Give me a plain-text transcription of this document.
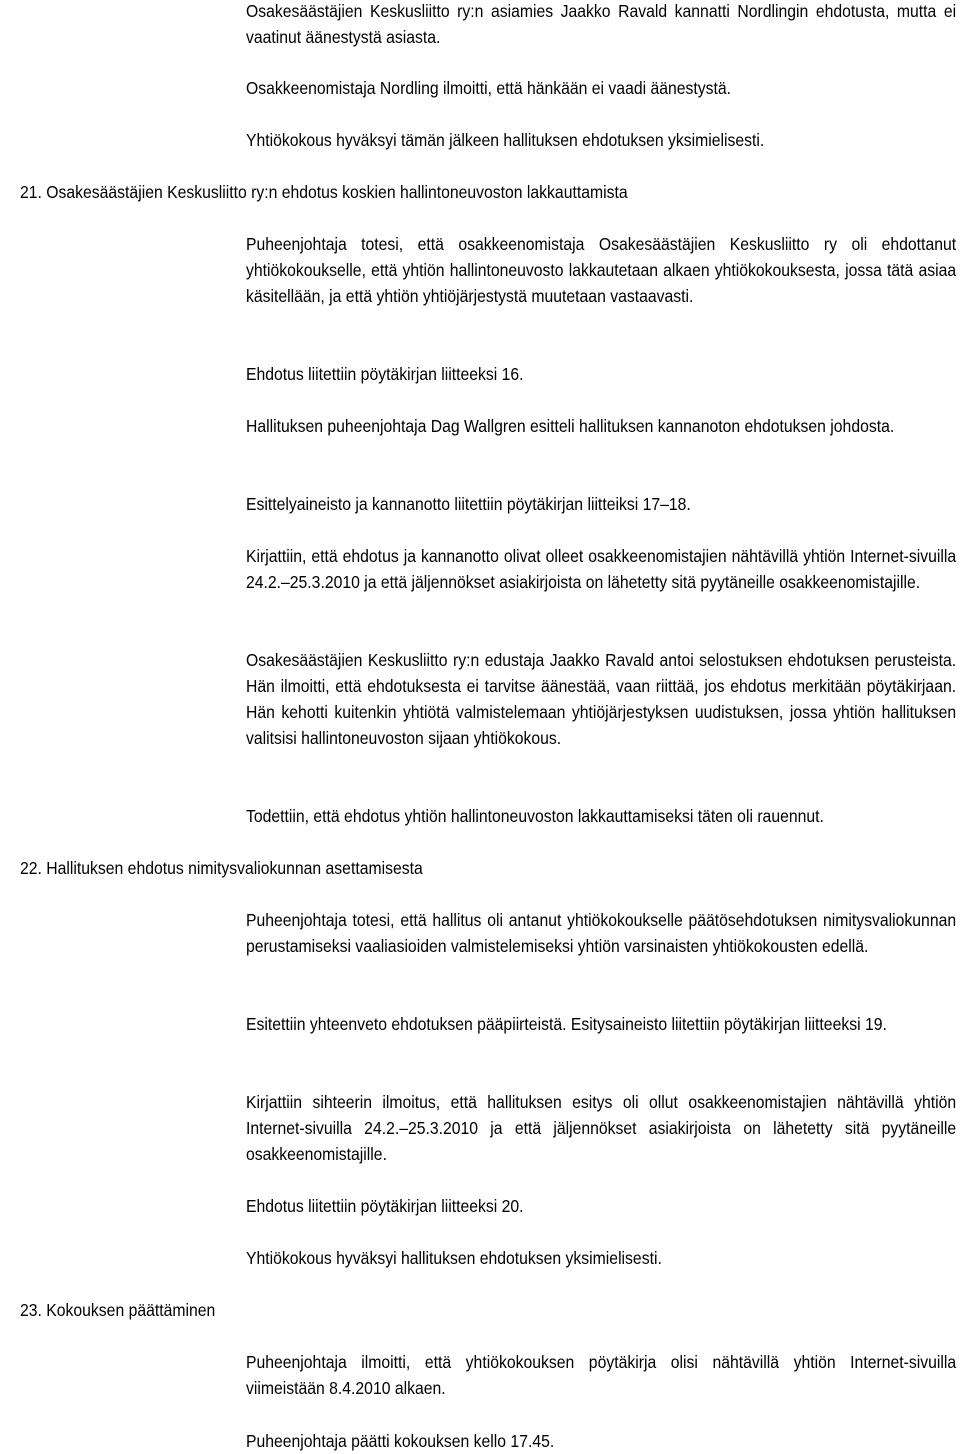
Osakesäästäjien Keskusliitto ry:n asiamies Jaakko Ravald kannatti Nordlingin ehdotusta, mutta ei vaatinut äänestystä asiasta.

Osakkeenomistaja Nordling ilmoitti, että hänkään ei vaadi äänestystä.

Yhtiökokous hyväksyi tämän jälkeen hallituksen ehdotuksen yksimielisesti.

21. Osakesäästäjien Keskusliitto ry:n ehdotus koskien hallintoneuvoston lakkauttamista

Puheenjohtaja totesi, että osakkeenomistaja Osakesäästäjien Keskusliitto ry oli ehdottanut yhtiökokoukselle, että yhtiön hallintoneuvosto lakkautetaan alkaen yhtiökokouksesta, jossa tätä asiaa käsitellään, ja että yhtiön yhtiöjärjestystä muutetaan vastaavasti.

Ehdotus liitettiin pöytäkirjan liitteeksi 16.

Hallituksen puheenjohtaja Dag Wallgren esitteli hallituksen kannanoton ehdotuksen johdosta.

Esittelyaineisto ja kannanotto liitettiin pöytäkirjan liitteiksi 17–18.

Kirjattiin, että ehdotus ja kannanotto olivat olleet osakkeenomistajien nähtävillä yhtiön Internet-sivuilla 24.2.–25.3.2010 ja että jäljennökset asiakirjoista on lähetetty sitä pyytäneille osakkeenomistajille.

Osakesäästäjien Keskusliitto ry:n edustaja Jaakko Ravald antoi selostuksen ehdotuksen perusteista. Hän ilmoitti, että ehdotuksesta ei tarvitse äänestää, vaan riittää, jos ehdotus merkitään pöytäkirjaan. Hän kehotti kuitenkin yhtiötä valmistelemaan yhtiöjärjestyksen uudistuksen, jossa yhtiön hallituksen valitsisi hallintoneuvoston sijaan yhtiökokous.

Todettiin, että ehdotus yhtiön hallintoneuvoston lakkauttamiseksi täten oli rauennut.

22. Hallituksen ehdotus nimitysvaliokunnan asettamisesta

Puheenjohtaja totesi, että hallitus oli antanut yhtiökokoukselle päätösehdotuksen nimitysvaliokunnan perustamiseksi vaaliasioiden valmistelemiseksi yhtiön varsinaisten yhtiökokousten edellä.

Esitettiin yhteenveto ehdotuksen pääpiirteistä. Esitysaineisto liitettiin pöytäkirjan liitteeksi 19.

Kirjattiin sihteerin ilmoitus, että hallituksen esitys oli ollut osakkeenomistajien nähtävillä yhtiön Internet-sivuilla 24.2.–25.3.2010 ja että jäljennökset asiakirjoista on lähetetty sitä pyytäneille osakkeenomistajille.

Ehdotus liitettiin pöytäkirjan liitteeksi 20.

Yhtiökokous hyväksyi hallituksen ehdotuksen yksimielisesti.

23. Kokouksen päättäminen

Puheenjohtaja ilmoitti, että yhtiökokouksen pöytäkirja olisi nähtävillä yhtiön Internet-sivuilla viimeistään 8.4.2010 alkaen.

Puheenjohtaja päätti kokouksen kello 17.45.
